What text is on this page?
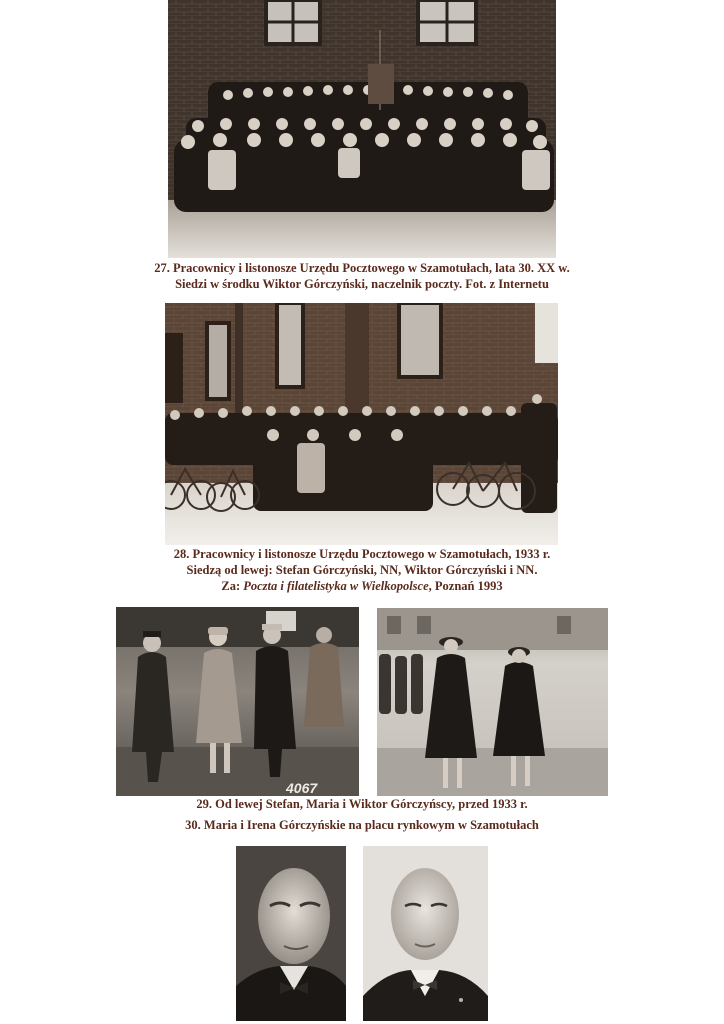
27. Pracownicy i listonosze Urzędu Pocztowego w Szamotułach, lata 30. XX w.
Siedzi w środku Wiktor Górczyński, naczelnik poczty. Fot. z Internetu
28. Pracownicy i listonosze Urzędu Pocztowego w Szamotułach, 1933 r.
Siedzą od lewej: Stefan Górczyński, NN, Wiktor Górczyński i NN.
Za: Poczta i filatelistyka w Wielkopolsce, Poznań 1993
4067
29. Od lewej Stefan, Maria i Wiktor Górczyńscy, przed 1933 r.
30. Maria i Irena Górczyńskie na placu rynkowym w Szamotułach
